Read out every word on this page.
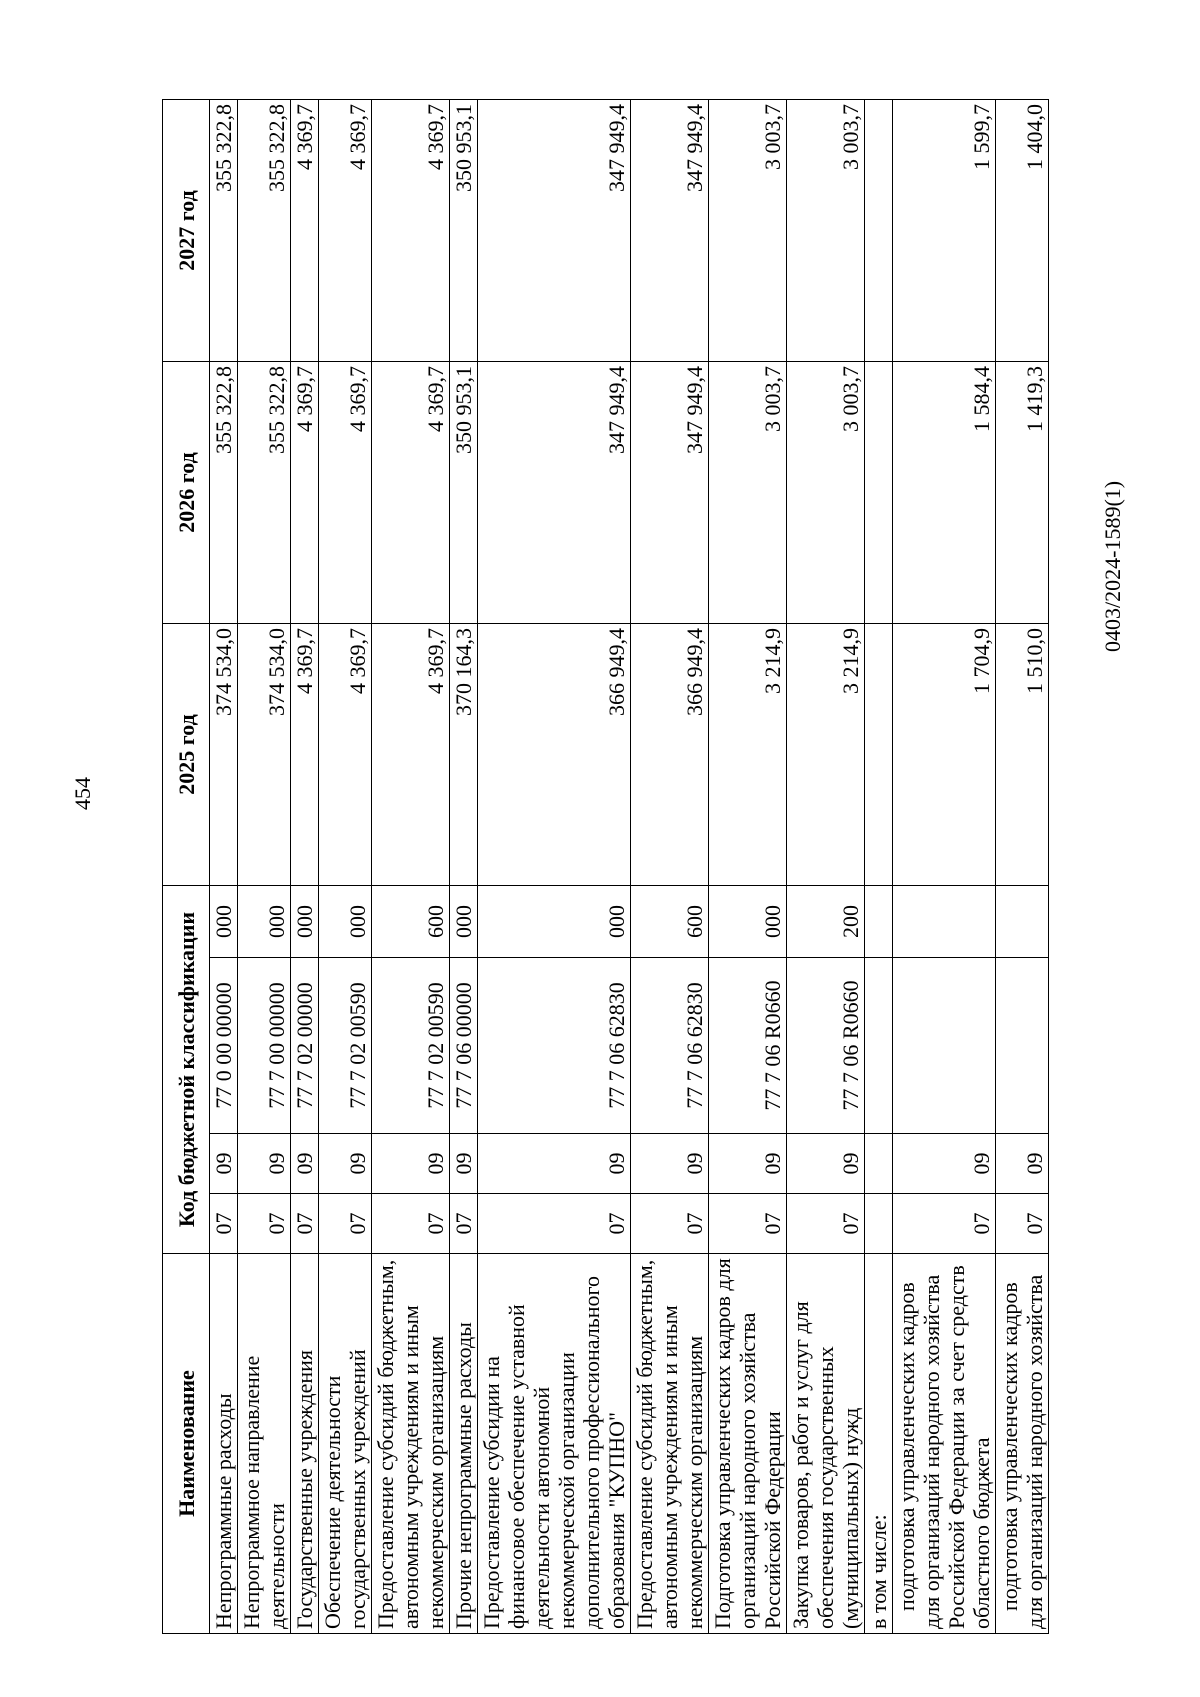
454
0403/2024-1589(1)
Наименование	Код бюджетной классификации				2025 год	2026 год	2027 год
Непрограммные расходы	07	09	77 0 00 00000	000	374 534,0	355 322,8	355 322,8
Непрограммное направление деятельности	07	09	77 7 00 00000	000	374 534,0	355 322,8	355 322,8
Государственные учреждения	07	09	77 7 02 00000	000	4 369,7	4 369,7	4 369,7
Обеспечение деятельности государственных учреждений	07	09	77 7 02 00590	000	4 369,7	4 369,7	4 369,7
Предоставление субсидий бюджетным, автономным учреждениям и иным некоммерческим организациям	07	09	77 7 02 00590	600	4 369,7	4 369,7	4 369,7
Прочие непрограммные расходы	07	09	77 7 06 00000	000	370 164,3	350 953,1	350 953,1
Предоставление субсидии на финансовое обеспечение уставной деятельности автономной некоммерческой организации дополнительного профессионального образования "КУПНО"	07	09	77 7 06 62830	000	366 949,4	347 949,4	347 949,4
Предоставление субсидий бюджетным, автономным учреждениям и иным некоммерческим организациям	07	09	77 7 06 62830	600	366 949,4	347 949,4	347 949,4
Подготовка управленческих кадров для организаций народного хозяйства Российской Федерации	07	09	77 7 06 R0660	000	3 214,9	3 003,7	3 003,7
Закупка товаров, работ и услуг для обеспечения государственных (муниципальных) нужд	07	09	77 7 06 R0660	200	3 214,9	3 003,7	3 003,7
в том числе:							
подготовка управленческих кадров для организаций народного хозяйства Российской Федерации за счет средств областного бюджета	07	09			1 704,9	1 584,4	1 599,7
подготовка управленческих кадров для организаций народного хозяйства	07	09			1 510,0	1 419,3	1 404,0
